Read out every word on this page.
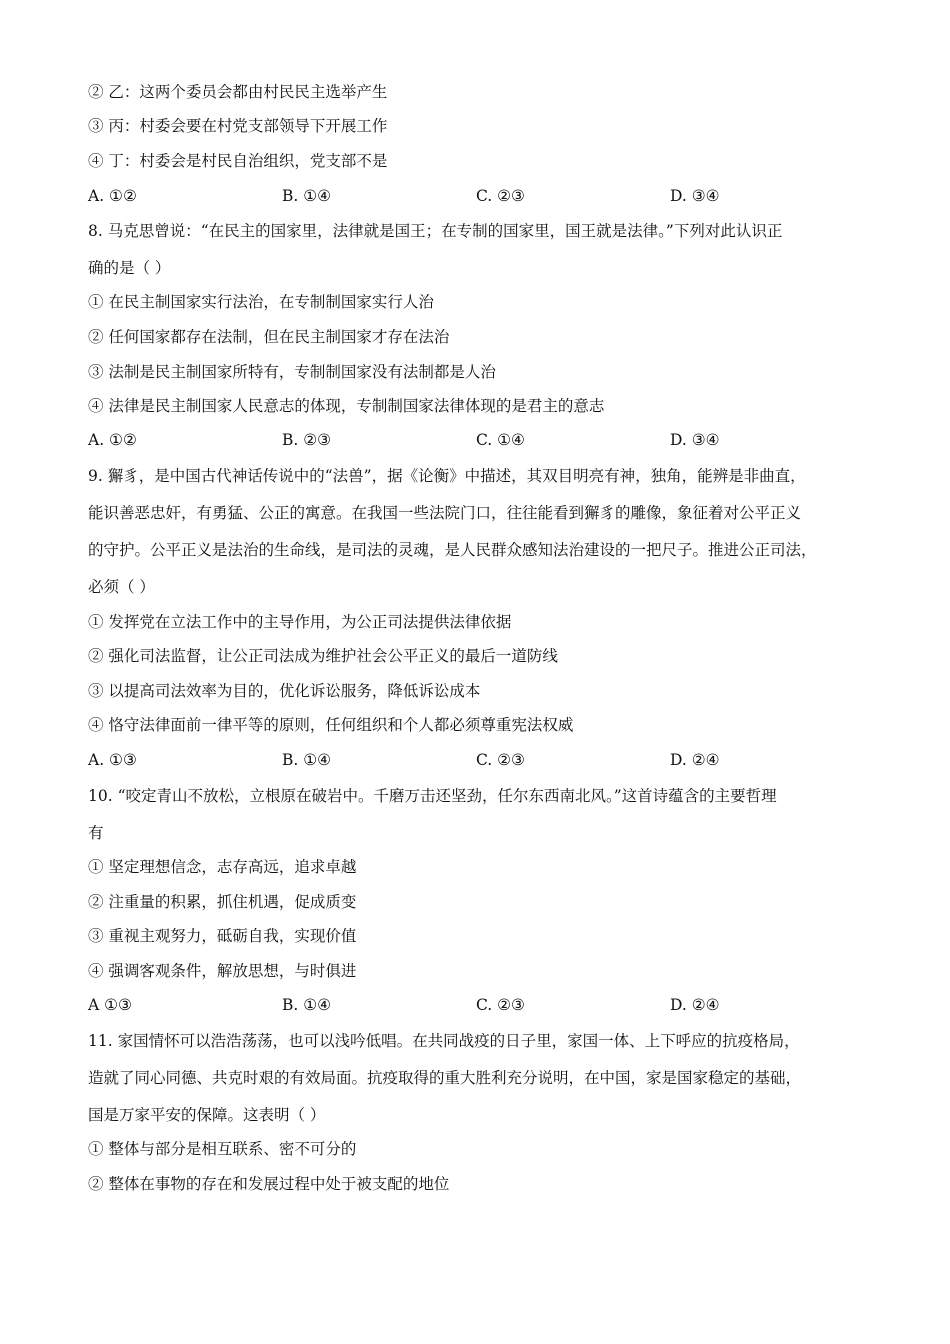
② 乙：这两个委员会都由村民民主选举产生
③ 丙：村委会要在村党支部领导下开展工作
④ 丁：村委会是村民自治组织，党支部不是
A. ①②	B. ①④	C. ②③	D. ③④
8. 马克思曾说：“在民主的国家里，法律就是国王；在专制的国家里，国王就是法律。”下列对此认识正
确的是（ ）
① 在民主制国家实行法治，在专制制国家实行人治
② 任何国家都存在法制，但在民主制国家才存在法治
③ 法制是民主制国家所特有，专制制国家没有法制都是人治
④ 法律是民主制国家人民意志的体现，专制制国家法律体现的是君主的意志
A. ①②	B. ②③	C. ①④	D. ③④
9. 獬豸，是中国古代神话传说中的“法兽”，据《论衡》中描述，其双目明亮有神，独角，能辨是非曲直，
能识善恶忠奸，有勇猛、公正的寓意。在我国一些法院门口，往往能看到獬豸的雕像，象征着对公平正义
的守护。公平正义是法治的生命线，是司法的灵魂，是人民群众感知法治建设的一把尺子。推进公正司法，
必须（ ）
① 发挥党在立法工作中的主导作用，为公正司法提供法律依据
② 强化司法监督，让公正司法成为维护社会公平正义的最后一道防线
③ 以提高司法效率为目的，优化诉讼服务，降低诉讼成本
④ 恪守法律面前一律平等的原则，任何组织和个人都必须尊重宪法权威
A. ①③	B. ①④	C. ②③	D. ②④
10. “咬定青山不放松，立根原在破岩中。千磨万击还坚劲，任尔东西南北风。”这首诗蕴含的主要哲理
有
① 坚定理想信念，志存高远，追求卓越
② 注重量的积累，抓住机遇，促成质变
③ 重视主观努力，砥砺自我，实现价值
④ 强调客观条件，解放思想，与时俱进
A ①③	B. ①④	C. ②③	D. ②④
11. 家国情怀可以浩浩荡荡，也可以浅吟低唱。在共同战疫的日子里，家国一体、上下呼应的抗疫格局，
造就了同心同德、共克时艰的有效局面。抗疫取得的重大胜利充分说明，在中国，家是国家稳定的基础，
国是万家平安的保障。这表明（ ）
① 整体与部分是相互联系、密不可分的
② 整体在事物的存在和发展过程中处于被支配的地位
